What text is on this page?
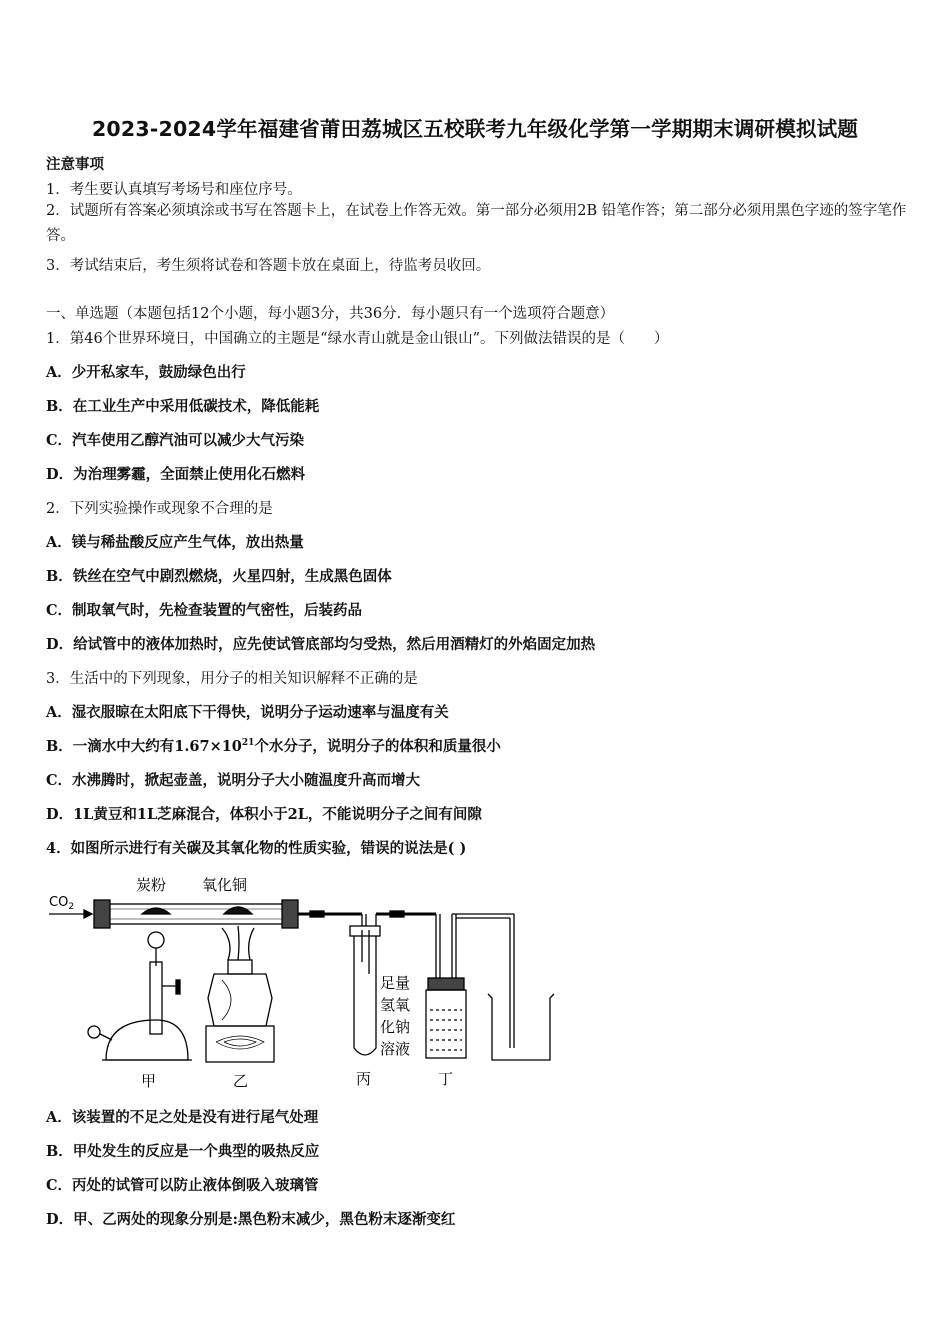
2023-2024学年福建省莆田荔城区五校联考九年级化学第一学期期末调研模拟试题
注意事项
1．考生要认真填写考场号和座位序号。
2．试题所有答案必须填涂或书写在答题卡上，在试卷上作答无效。第一部分必须用2B 铅笔作答；第二部分必须用黑色字迹的签字笔作答。
3．考试结束后，考生须将试卷和答题卡放在桌面上，待监考员收回。
一、单选题（本题包括12个小题，每小题3分，共36分．每小题只有一个选项符合题意）
1．第46个世界环境日，中国确立的主题是“绿水青山就是金山银山”。下列做法错误的是（　　）
A．少开私家车，鼓励绿色出行
B．在工业生产中采用低碳技术，降低能耗
C．汽车使用乙醇汽油可以减少大气污染
D．为治理雾霾，全面禁止使用化石燃料
2．下列实验操作或现象不合理的是
A．镁与稀盐酸反应产生气体，放出热量
B．铁丝在空气中剧烈燃烧，火星四射，生成黑色固体
C．制取氧气时，先检查装置的气密性，后装药品
D．给试管中的液体加热时，应先使试管底部均匀受热，然后用酒精灯的外焰固定加热
3．生活中的下列现象，用分子的相关知识解释不正确的是
A．湿衣服晾在太阳底下干得快，说明分子运动速率与温度有关
B．一滴水中大约有$1.67\times 10^{21}$个水分子，说明分子的体积和质量很小
C．水沸腾时，掀起壶盖，说明分子大小随温度升高而增大
D．1L黄豆和1L芝麻混合，体积小于2L，不能说明分子之间有间隙
4．如图所示进行有关碳及其氧化物的性质实验，错误的说法是( )
$CO_2$
炭粉 氧化铜
足量
氢氧
化钠
溶液
甲	乙	丙	丁
A．该装置的不足之处是没有进行尾气处理
B．甲处发生的反应是一个典型的吸热反应
C．丙处的试管可以防止液体倒吸入玻璃管
D．甲、乙两处的现象分别是:黑色粉末减少，黑色粉末逐渐变红
